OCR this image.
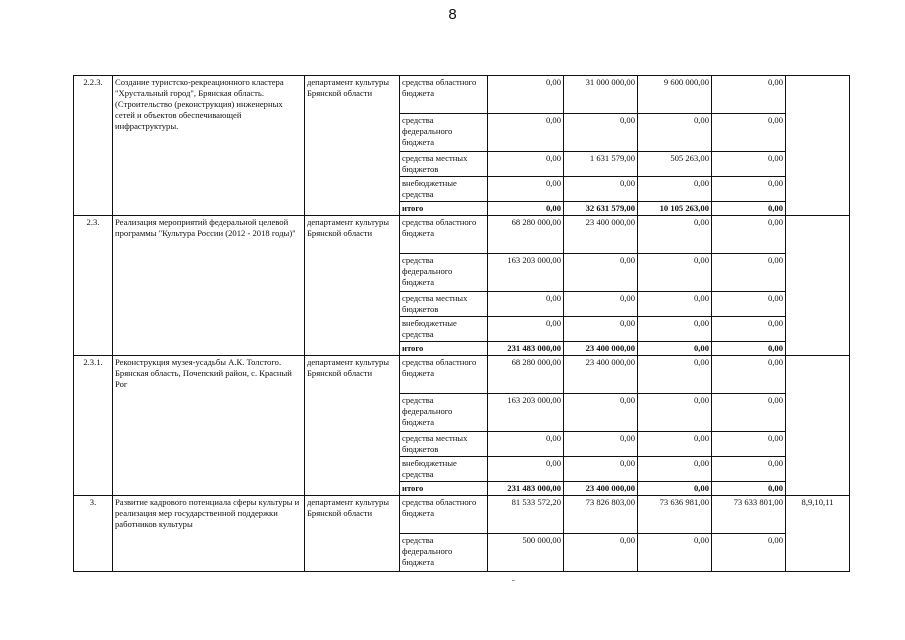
8
2.2.3.	Создание туристско-рекреационного кластера "Хрустальный город", Брянская область. (Строительство (реконструкция) инженерных сетей и объектов обеспечивающей инфраструктуры.	департамент культуры Брянской области	средства областного бюджета	0,00	31 000 000,00	9 600 000,00	0,00	
			средства федерального бюджета	0,00	0,00	0,00	0,00	
			средства местных бюджетов	0,00	1 631 579,00	505 263,00	0,00	
			внебюджетные средства	0,00	0,00	0,00	0,00	
			итого	0,00	32 631 579,00	10 105 263,00	0,00	
2.3.	Реализация мероприятий федеральной целевой программы "Культура России (2012 - 2018 годы)"	департамент культуры Брянской области	средства областного бюджета	68 280 000,00	23 400 000,00	0,00	0,00	
			средства федерального бюджета	163 203 000,00	0,00	0,00	0,00	
			средства местных бюджетов	0,00	0,00	0,00	0,00	
			внебюджетные средства	0,00	0,00	0,00	0,00	
			итого	231 483 000,00	23 400 000,00	0,00	0,00	
2.3.1.	Реконструкция музея-усадьбы А.К. Толстого. Брянская область, Почепский район, с. Красный Рог	департамент культуры Брянской области	средства областного бюджета	68 280 000,00	23 400 000,00	0,00	0,00	
			средства федерального бюджета	163 203 000,00	0,00	0,00	0,00	
			средства местных бюджетов	0,00	0,00	0,00	0,00	
			внебюджетные средства	0,00	0,00	0,00	0,00	
			итого	231 483 000,00	23 400 000,00	0,00	0,00	
3.	Развитие кадрового потенциала сферы культуры и реализация мер государственной поддержки работников культуры	департамент культуры Брянской области	средства областного бюджета	81 533 572,20	73 826 803,00	73 636 981,00	73 633 801,00	8,9,10,11
			средства федерального бюджета	500 000,00	0,00	0,00	0,00	
